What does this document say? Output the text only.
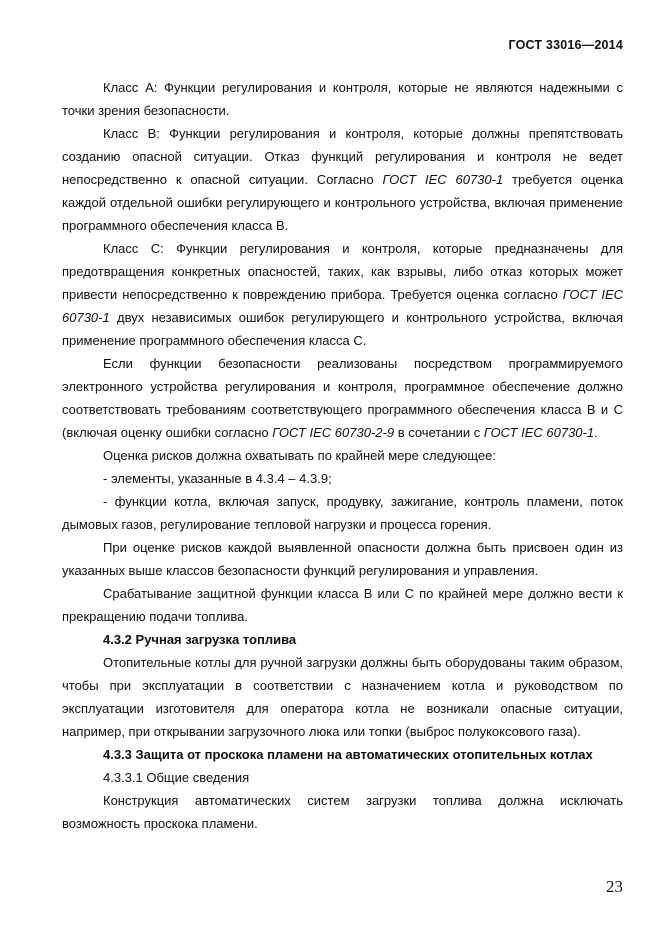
ГОСТ 33016—2014

Класс А: Функции регулирования и контроля, которые не являются надежными с точки зрения безопасности.

Класс В: Функции регулирования и контроля, которые должны препятствовать созданию опасной ситуации. Отказ функций регулирования и контроля не ведет непосредственно к опасной ситуации. Согласно ГОСТ IEC 60730-1 требуется оценка каждой отдельной ошибки регулирующего и контрольного устройства, включая применение программного обеспечения класса В.

Класс С: Функции регулирования и контроля, которые предназначены для предотвращения конкретных опасностей, таких, как взрывы, либо отказ которых может привести непосредственно к повреждению прибора. Требуется оценка согласно ГОСТ IEC 60730-1 двух независимых ошибок регулирующего и контрольного устройства, включая применение программного обеспечения класса С.

Если функции безопасности реализованы посредством программируемого электронного устройства регулирования и контроля, программное обеспечение должно соответствовать требованиям соответствующего программного обеспечения класса В и С (включая оценку ошибки согласно ГОСТ IEC 60730-2-9 в сочетании с ГОСТ IEC 60730-1.

Оценка рисков должна охватывать по крайней мере следующее:

- элементы, указанные в 4.3.4 – 4.3.9;

- функции котла, включая запуск, продувку, зажигание, контроль пламени, поток дымовых газов, регулирование тепловой нагрузки и процесса горения.

При оценке рисков каждой выявленной опасности должна быть присвоен один из указанных выше классов безопасности функций регулирования и управления.

Срабатывание защитной функции класса В или С по крайней мере должно вести к прекращению подачи топлива.

4.3.2 Ручная загрузка топлива

Отопительные котлы для ручной загрузки должны быть оборудованы таким образом, чтобы при эксплуатации в соответствии с назначением котла и руководством по эксплуатации изготовителя для оператора котла не возникали опасные ситуации, например, при открывании загрузочного люка или топки (выброс полукоксового газа).

4.3.3 Защита от проскока пламени на автоматических отопительных котлах

4.3.3.1 Общие сведения

Конструкция автоматических систем загрузки топлива должна исключать возможность проскока пламени.

23
